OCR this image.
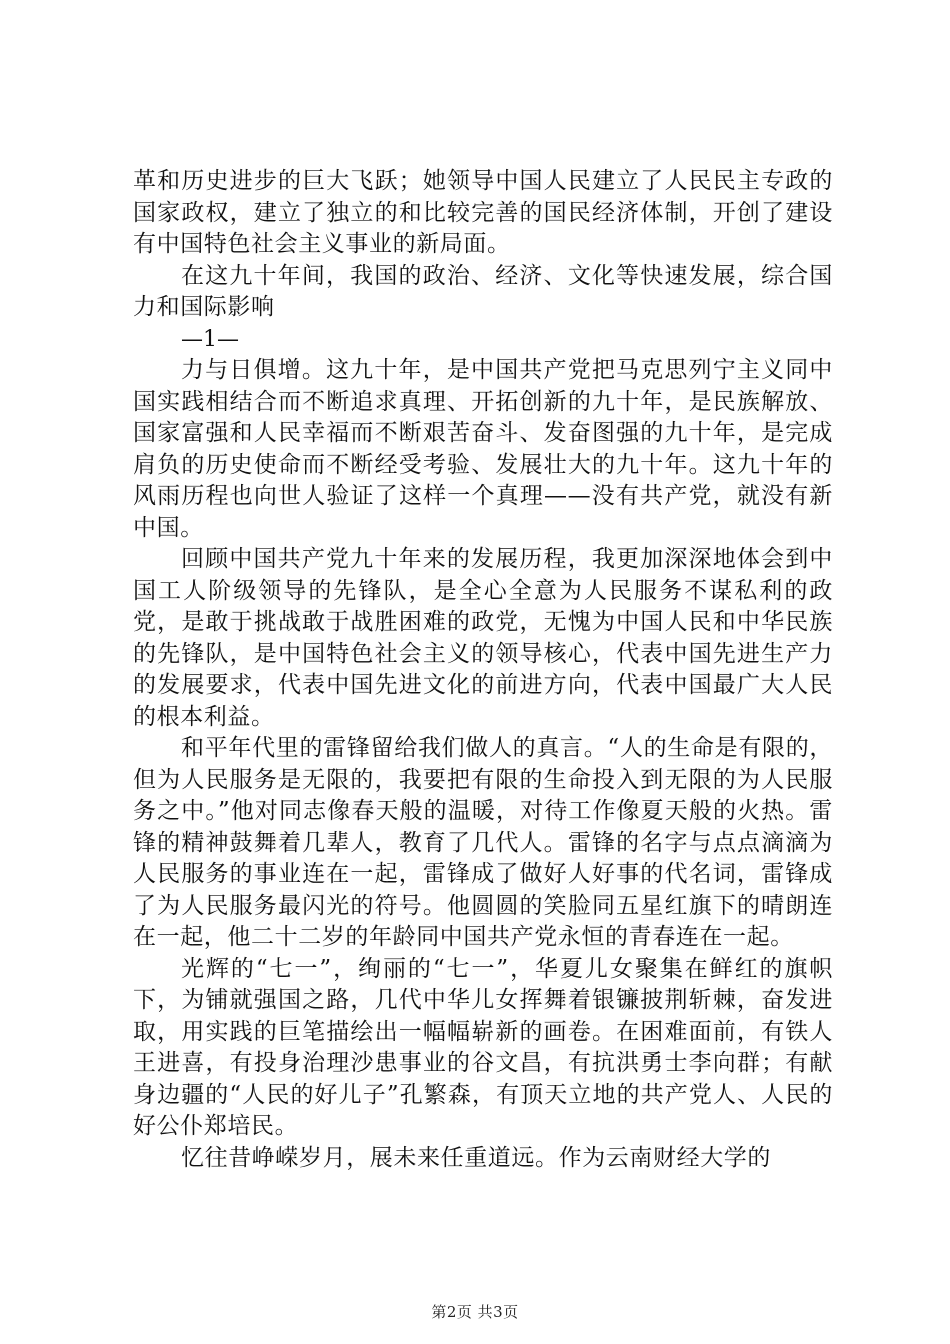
革和历史进步的巨大飞跃；她领导中国人民建立了人民民主专政的国家政权，建立了独立的和比较完善的国民经济体制，开创了建设有中国特色社会主义事业的新局面。

在这九十年间，我国的政治、经济、文化等快速发展，综合国力和国际影响

—1—

力与日俱增。这九十年，是中国共产党把马克思列宁主义同中国实践相结合而不断追求真理、开拓创新的九十年，是民族解放、国家富强和人民幸福而不断艰苦奋斗、发奋图强的九十年，是完成肩负的历史使命而不断经受考验、发展壮大的九十年。这九十年的风雨历程也向世人验证了这样一个真理——没有共产党，就没有新中国。

回顾中国共产党九十年来的发展历程，我更加深深地体会到中国工人阶级领导的先锋队，是全心全意为人民服务不谋私利的政党，是敢于挑战敢于战胜困难的政党，无愧为中国人民和中华民族的先锋队，是中国特色社会主义的领导核心，代表中国先进生产力的发展要求，代表中国先进文化的前进方向，代表中国最广大人民的根本利益。

和平年代里的雷锋留给我们做人的真言。“人的生命是有限的，但为人民服务是无限的，我要把有限的生命投入到无限的为人民服务之中。”他对同志像春天般的温暖，对待工作像夏天般的火热。雷锋的精神鼓舞着几辈人，教育了几代人。雷锋的名字与点点滴滴为人民服务的事业连在一起，雷锋成了做好人好事的代名词，雷锋成了为人民服务最闪光的符号。他圆圆的笑脸同五星红旗下的晴朗连在一起，他二十二岁的年龄同中国共产党永恒的青春连在一起。

光辉的“七一”，绚丽的“七一”，华夏儿女聚集在鲜红的旗帜下，为铺就强国之路，几代中华儿女挥舞着银镰披荆斩棘，奋发进取，用实践的巨笔描绘出一幅幅崭新的画卷。在困难面前，有铁人王进喜，有投身治理沙患事业的谷文昌，有抗洪勇士李向群；有献身边疆的“人民的好儿子”孔繁森，有顶天立地的共产党人、人民的好公仆郑培民。

忆往昔峥嵘岁月，展未来任重道远。作为云南财经大学的

第2页 共3页
